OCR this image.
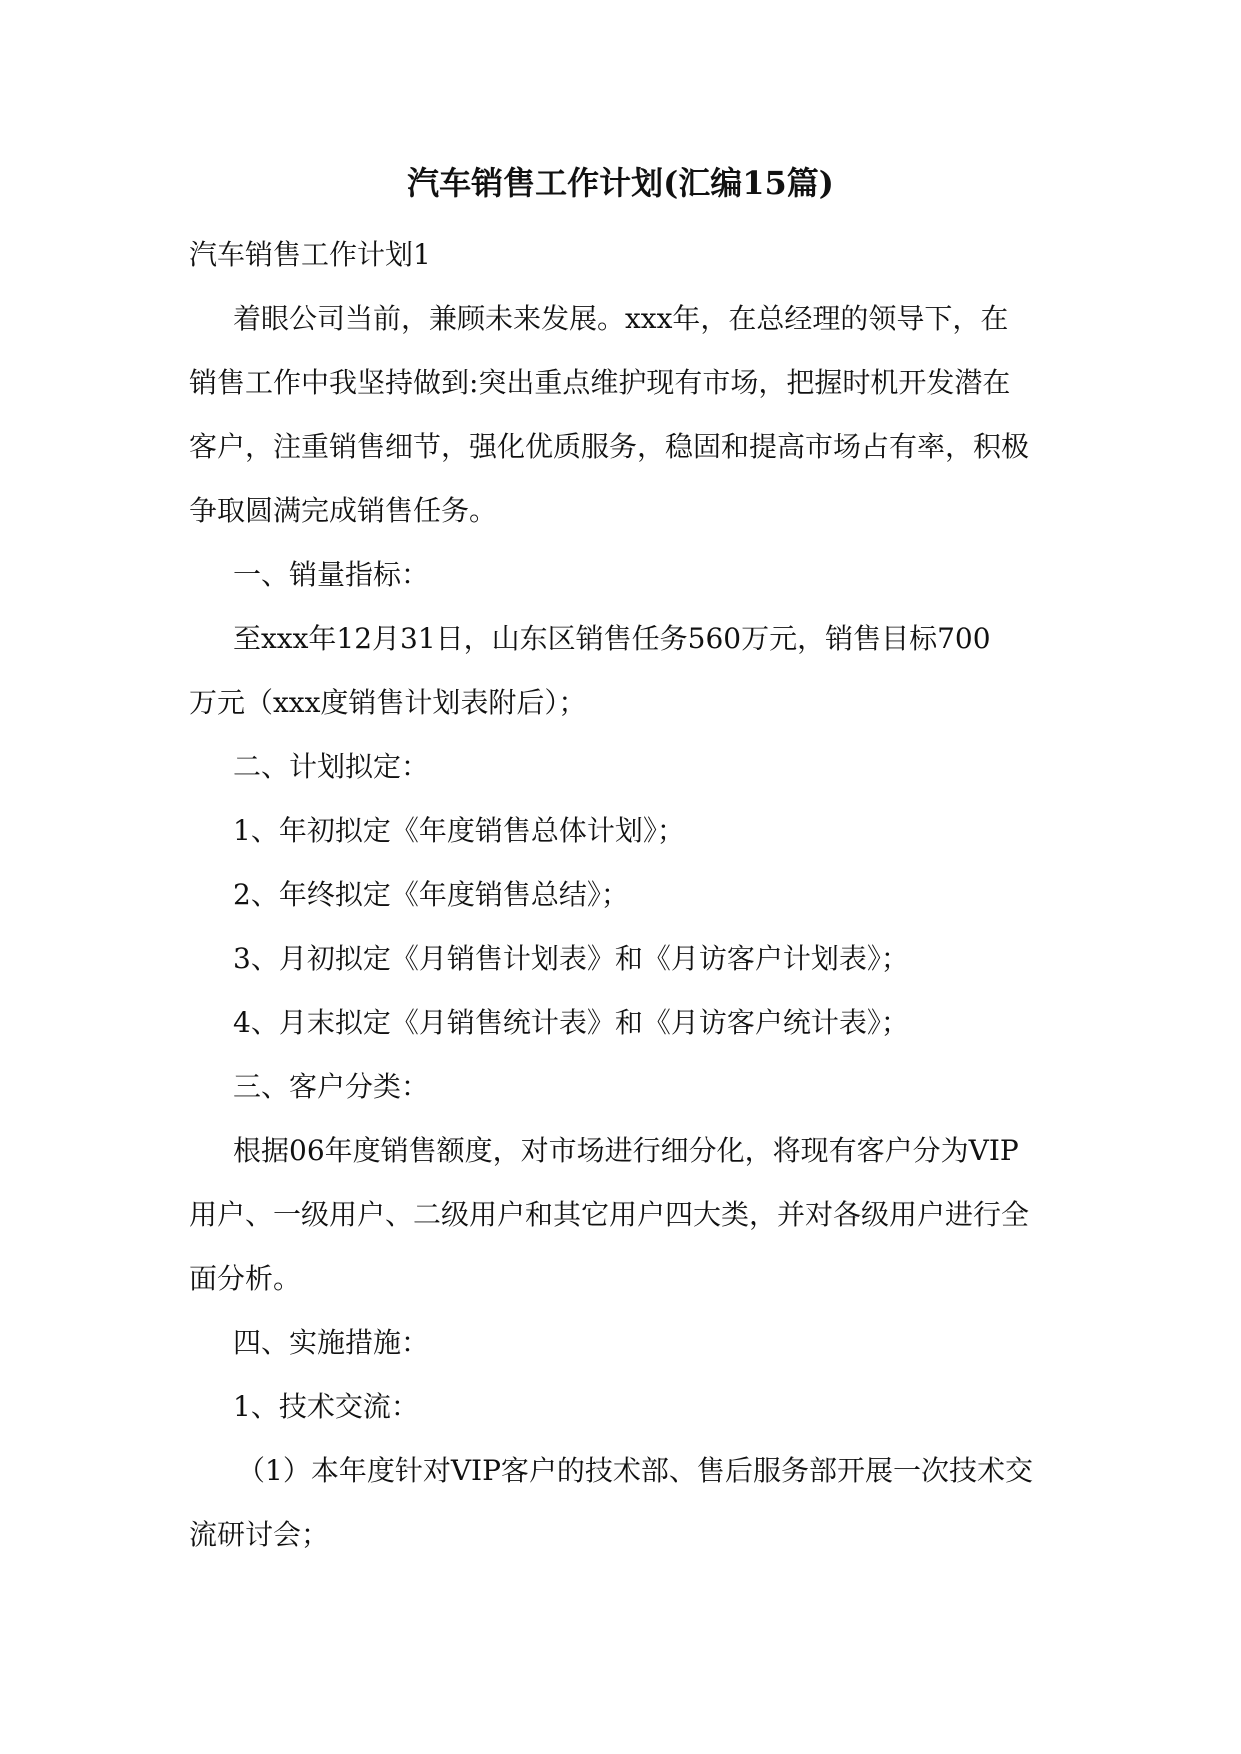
汽车销售工作计划(汇编15篇)
汽车销售工作计划1
着眼公司当前，兼顾未来发展。xxx年，在总经理的领导下，在
销售工作中我坚持做到:突出重点维护现有市场，把握时机开发潜在
客户，注重销售细节，强化优质服务，稳固和提高市场占有率，积极
争取圆满完成销售任务。
一、销量指标：
至xxx年12月31日，山东区销售任务560万元，销售目标700
万元（xxx度销售计划表附后）；
二、计划拟定：
1、年初拟定《年度销售总体计划》；
2、年终拟定《年度销售总结》；
3、月初拟定《月销售计划表》和《月访客户计划表》；
4、月末拟定《月销售统计表》和《月访客户统计表》；
三、客户分类：
根据06年度销售额度，对市场进行细分化，将现有客户分为VIP
用户、一级用户、二级用户和其它用户四大类，并对各级用户进行全
面分析。
四、实施措施：
1、技术交流：
（1）本年度针对VIP客户的技术部、售后服务部开展一次技术交
流研讨会；
